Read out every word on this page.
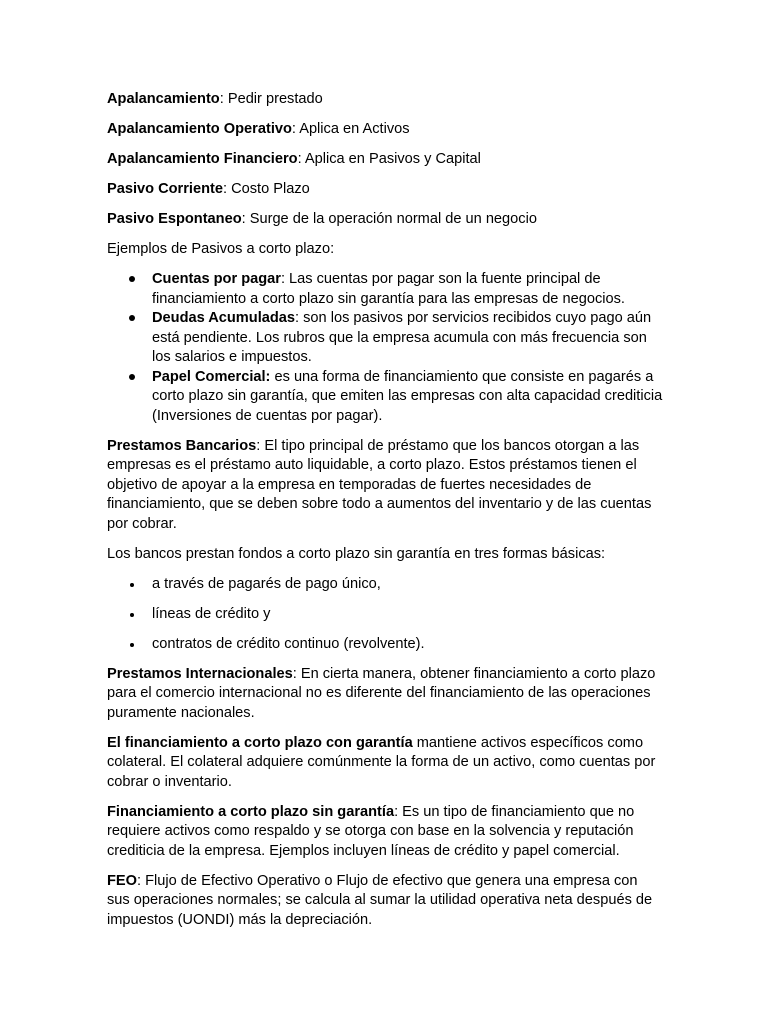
Apalancamiento: Pedir prestado

Apalancamiento Operativo: Aplica en Activos

Apalancamiento Financiero: Aplica en Pasivos y Capital

Pasivo Corriente: Costo Plazo

Pasivo Espontaneo: Surge de la operación normal de un negocio

Ejemplos de Pasivos a corto plazo:

Cuentas por pagar: Las cuentas por pagar son la fuente principal de financiamiento a corto plazo sin garantía para las empresas de negocios.
Deudas Acumuladas: son los pasivos por servicios recibidos cuyo pago aún está pendiente. Los rubros que la empresa acumula con más frecuencia son los salarios e impuestos.
Papel Comercial: es una forma de financiamiento que consiste en pagarés a corto plazo sin garantía, que emiten las empresas con alta capacidad crediticia (Inversiones de cuentas por pagar).

Prestamos Bancarios: El tipo principal de préstamo que los bancos otorgan a las empresas es el préstamo auto liquidable, a corto plazo. Estos préstamos tienen el objetivo de apoyar a la empresa en temporadas de fuertes necesidades de financiamiento, que se deben sobre todo a aumentos del inventario y de las cuentas por cobrar.

Los bancos prestan fondos a corto plazo sin garantía en tres formas básicas:

a través de pagarés de pago único,
líneas de crédito y
contratos de crédito continuo (revolvente).

Prestamos Internacionales: En cierta manera, obtener financiamiento a corto plazo para el comercio internacional no es diferente del financiamiento de las operaciones puramente nacionales.

El financiamiento a corto plazo con garantía mantiene activos específicos como colateral. El colateral adquiere comúnmente la forma de un activo, como cuentas por cobrar o inventario.

Financiamiento a corto plazo sin garantía: Es un tipo de financiamiento que no requiere activos como respaldo y se otorga con base en la solvencia y reputación crediticia de la empresa. Ejemplos incluyen líneas de crédito y papel comercial.

FEO: Flujo de Efectivo Operativo o Flujo de efectivo que genera una empresa con sus operaciones normales; se calcula al sumar la utilidad operativa neta después de impuestos (UONDI) más la depreciación.
